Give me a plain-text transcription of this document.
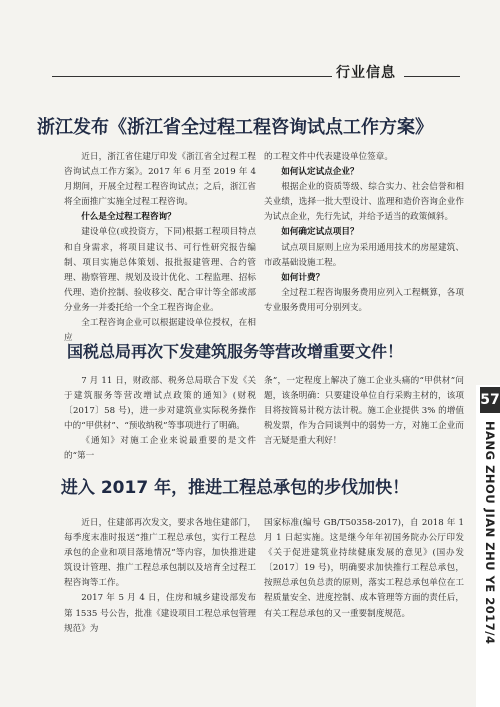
行业信息
浙江发布《浙江省全过程工程咨询试点工作方案》

近日，浙江省住建厅印发《浙江省全过程工程咨询试点工作方案》。2017 年 6 月至 2019 年 4 月期间，开展全过程工程咨询试点；之后，浙江省将全面推广实施全过程工程咨询。

什么是全过程工程咨询？

建设单位(或投资方，下同)根据工程项目特点和自身需求，将项目建议书、可行性研究报告编制、项目实施总体策划、报批报建管理、合约管理、勘察管理、规划及设计优化、工程监理、招标代理、造价控制、验收移交、配合审计等全部或部分业务一并委托给一个全工程咨询企业。

全工程咨询企业可以根据建设单位授权，在相应

的工程文件中代表建设单位签章。

如何认定试点企业？

根据企业的资质等级、综合实力、社会信誉和相关业绩，选择一批大型设计、监理和造价咨询企业作为试点企业，先行先试，并给予适当的政策倾斜。

如何确定试点项目？

试点项目原则上应为采用通用技术的房屋建筑、市政基础设施工程。

如何计费？

全过程工程咨询服务费用应列入工程概算，各项专业服务费用可分别列支。

国税总局再次下发建筑服务等营改增重要文件！

7 月 11 日，财政部、税务总局联合下发《关于建筑服务等营改增试点政策的通知》(财税〔2017〕58 号)，进一步对建筑业实际税务操作中的“甲供材”、“预收纳税”等事项进行了明确。

《通知》对施工企业来说最重要的是文件的“第一

条”，一定程度上解决了施工企业头痛的“甲供材”问题，该条明确：只要建设单位自行采购主材的，该项目将按简易计税方法计税。施工企业提供 3% 的增值税发票，作为合同谈判中的弱势一方，对施工企业而言无疑是重大利好！

进入 2017 年，推进工程总承包的步伐加快！

近日，住建部再次发文，要求各地住建部门，每季度末准时报送“推广工程总承包，实行工程总承包的企业和项目落地情况”等内容，加快推进建筑设计管理、推广工程总承包制以及培育全过程工程咨询等工作。

2017 年 5 月 4 日，住房和城乡建设部发布第 1535 号公告，批准《建设项目工程总承包管理规范》为

国家标准(编号 GB/T50358-2017)，自 2018 年 1 月 1 日起实施。这是继今年年初国务院办公厅印发《关于促进建筑业持续健康发展的意见》(国办发〔2017〕19 号)，明确要求加快推行工程总承包，按照总承包负总责的原则，落实工程总承包单位在工程质量安全、进度控制、成本管理等方面的责任后，有关工程总承包的又一重要制度规范。

57
HANG ZHOU JIAN ZHU YE 2017/4
